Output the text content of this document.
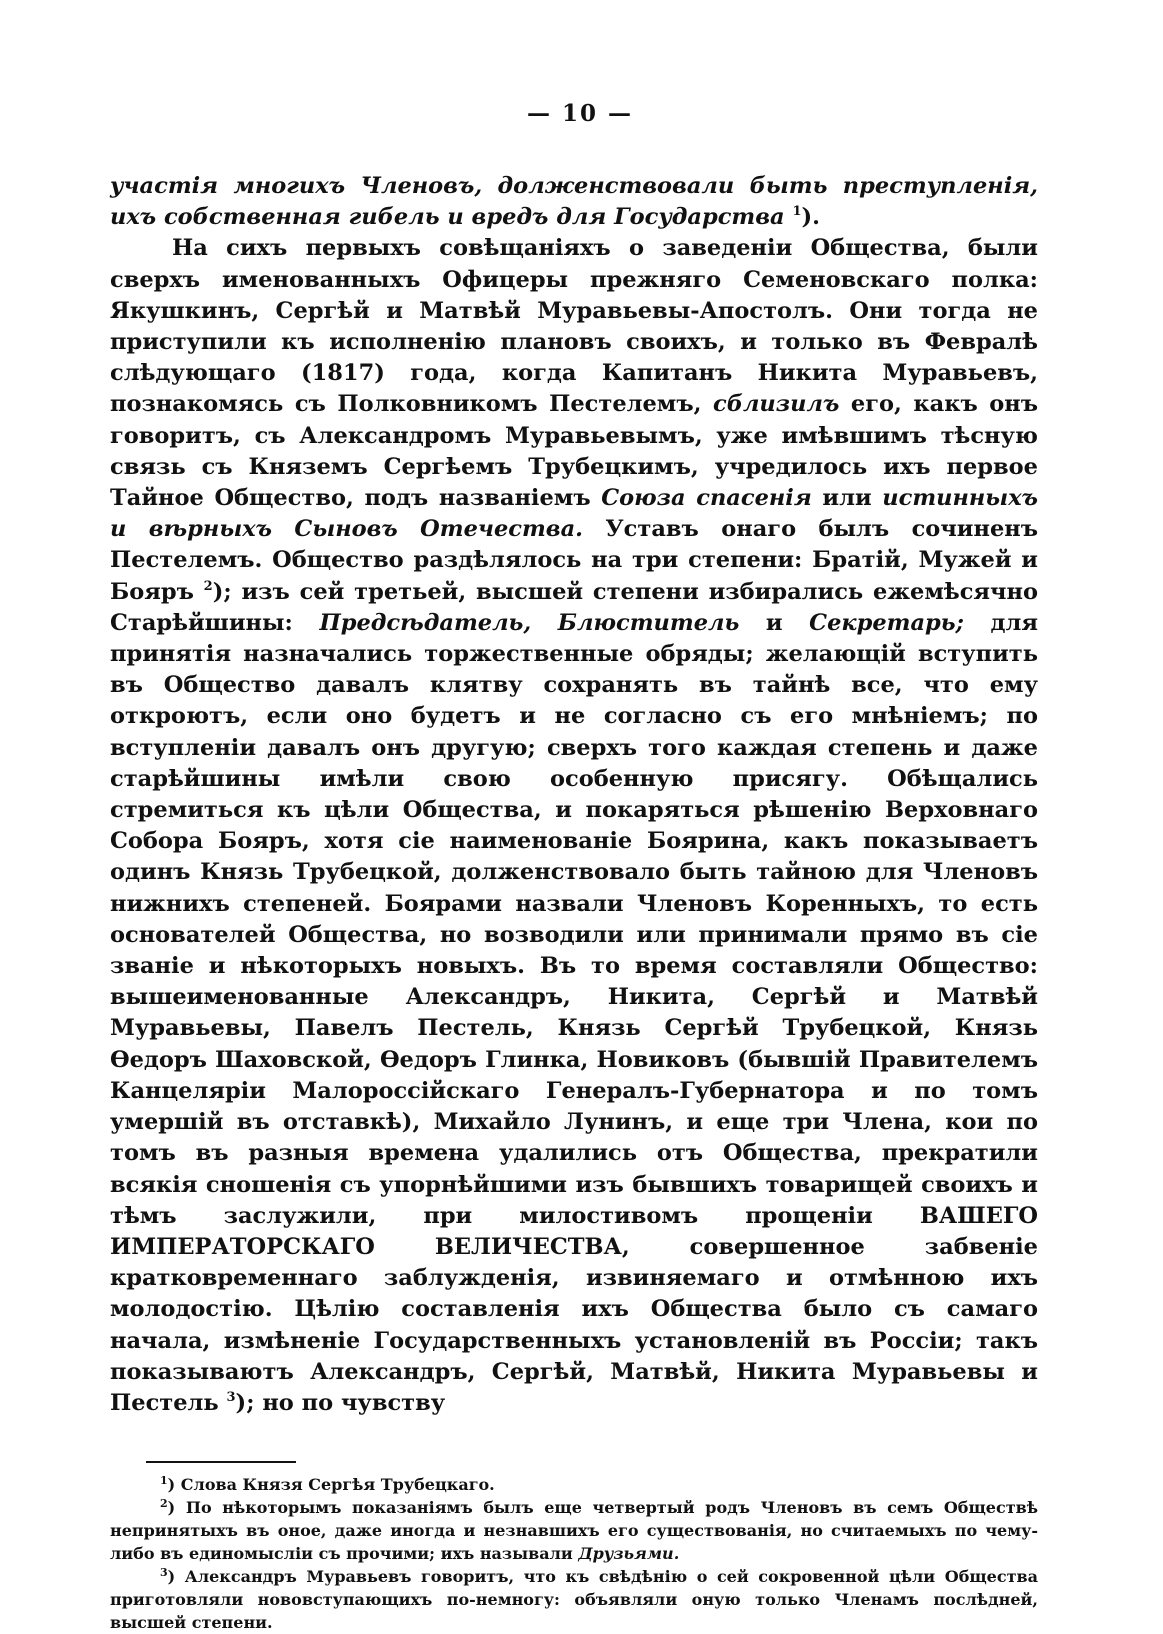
— 10 —

участія многихъ Членовъ, долженствовали быть преступленія, ихъ собственная гибель и вредъ для Государства $^1$).

На сихъ первыхъ совѣщаніяхъ о заведеніи Общества, были сверхъ именованныхъ Офицеры прежняго Семеновскаго полка: Якушкинъ, Сергѣй и Матвѣй Муравьевы-Апостолъ. Они тогда не приступили къ исполненію плановъ своихъ, и только въ Февралѣ слѣдующаго (1817) года, когда Капитанъ Никита Муравьевъ, познакомясь съ Полковникомъ Пестелемъ, сблизилъ его, какъ онъ говоритъ, съ Александромъ Муравьевымъ, уже имѣвшимъ тѣсную связь съ Княземъ Сергѣемъ Трубецкимъ, учредилось ихъ первое Тайное Общество, подъ названіемъ Союза спасенія или истинныхъ и вѣрныхъ Сыновъ Отечества. Уставъ онаго былъ сочиненъ Пестелемъ. Общество раздѣлялось на три степени: Братій, Мужей и Бояръ $^2$); изъ сей третьей, высшей степени избирались ежемѣсячно Старѣйшины: Предсѣдатель, Блюститель и Секретарь; для принятія назначались торжественные обряды; желающій вступить въ Общество давалъ клятву сохранять въ тайнѣ все, что ему откроютъ, если оно будетъ и не согласно съ его мнѣніемъ; по вступленіи давалъ онъ другую; сверхъ того каждая степень и даже старѣйшины имѣли свою особенную присягу. Обѣщались стремиться къ цѣли Общества, и покаряться рѣшенію Верховнаго Собора Бояръ, хотя сіе наименованіе Боярина, какъ показываетъ одинъ Князь Трубецкой, долженствовало быть тайною для Членовъ нижнихъ степеней. Боярами назвали Членовъ Коренныхъ, то есть основателей Общества, но возводили или принимали прямо въ сіе званіе и нѣкоторыхъ новыхъ. Въ то время составляли Общество: вышеименованные Александръ, Никита, Сергѣй и Матвѣй Муравьевы, Павелъ Пестель, Князь Сергѣй Трубецкой, Князь Ѳедоръ Шаховской, Ѳедоръ Глинка, Новиковъ (бывшій Правителемъ Канцеляріи Малороссійскаго Генералъ-Губернатора и по томъ умершій въ отставкѣ), Михайло Лунинъ, и еще три Члена, кои по томъ въ разныя времена удалились отъ Общества, прекратили всякія сношенія съ упорнѣйшими изъ бывшихъ товарищей своихъ и тѣмъ заслужили, при милостивомъ прощеніи ВАШЕГО ИМПЕРАТОРСКАГО ВЕЛИЧЕСТВА, совершенное забвеніе кратковременнаго заблужденія, извиняемаго и отмѣнною ихъ молодостію. Цѣлію составленія ихъ Общества было съ самаго начала, измѣненіе Государственныхъ установленій въ Россіи; такъ показываютъ Александръ, Сергѣй, Матвѣй, Никита Муравьевы и Пестель $^3$); но по чувству

$^1$) Слова Князя Сергѣя Трубецкаго.

$^2$) По нѣкоторымъ показаніямъ былъ еще четвертый родъ Членовъ въ семъ Обществѣ непринятыхъ въ оное, даже иногда и незнавшихъ его существованія, но считаемыхъ по чему-либо въ единомысліи съ прочими; ихъ называли Друзьями.

$^3$) Александръ Муравьевъ говоритъ, что къ свѣдѣнію о сей сокровенной цѣли Общества приготовляли нововступающихъ по-немногу: объявляли оную только Членамъ послѣдней, высшей степени.
